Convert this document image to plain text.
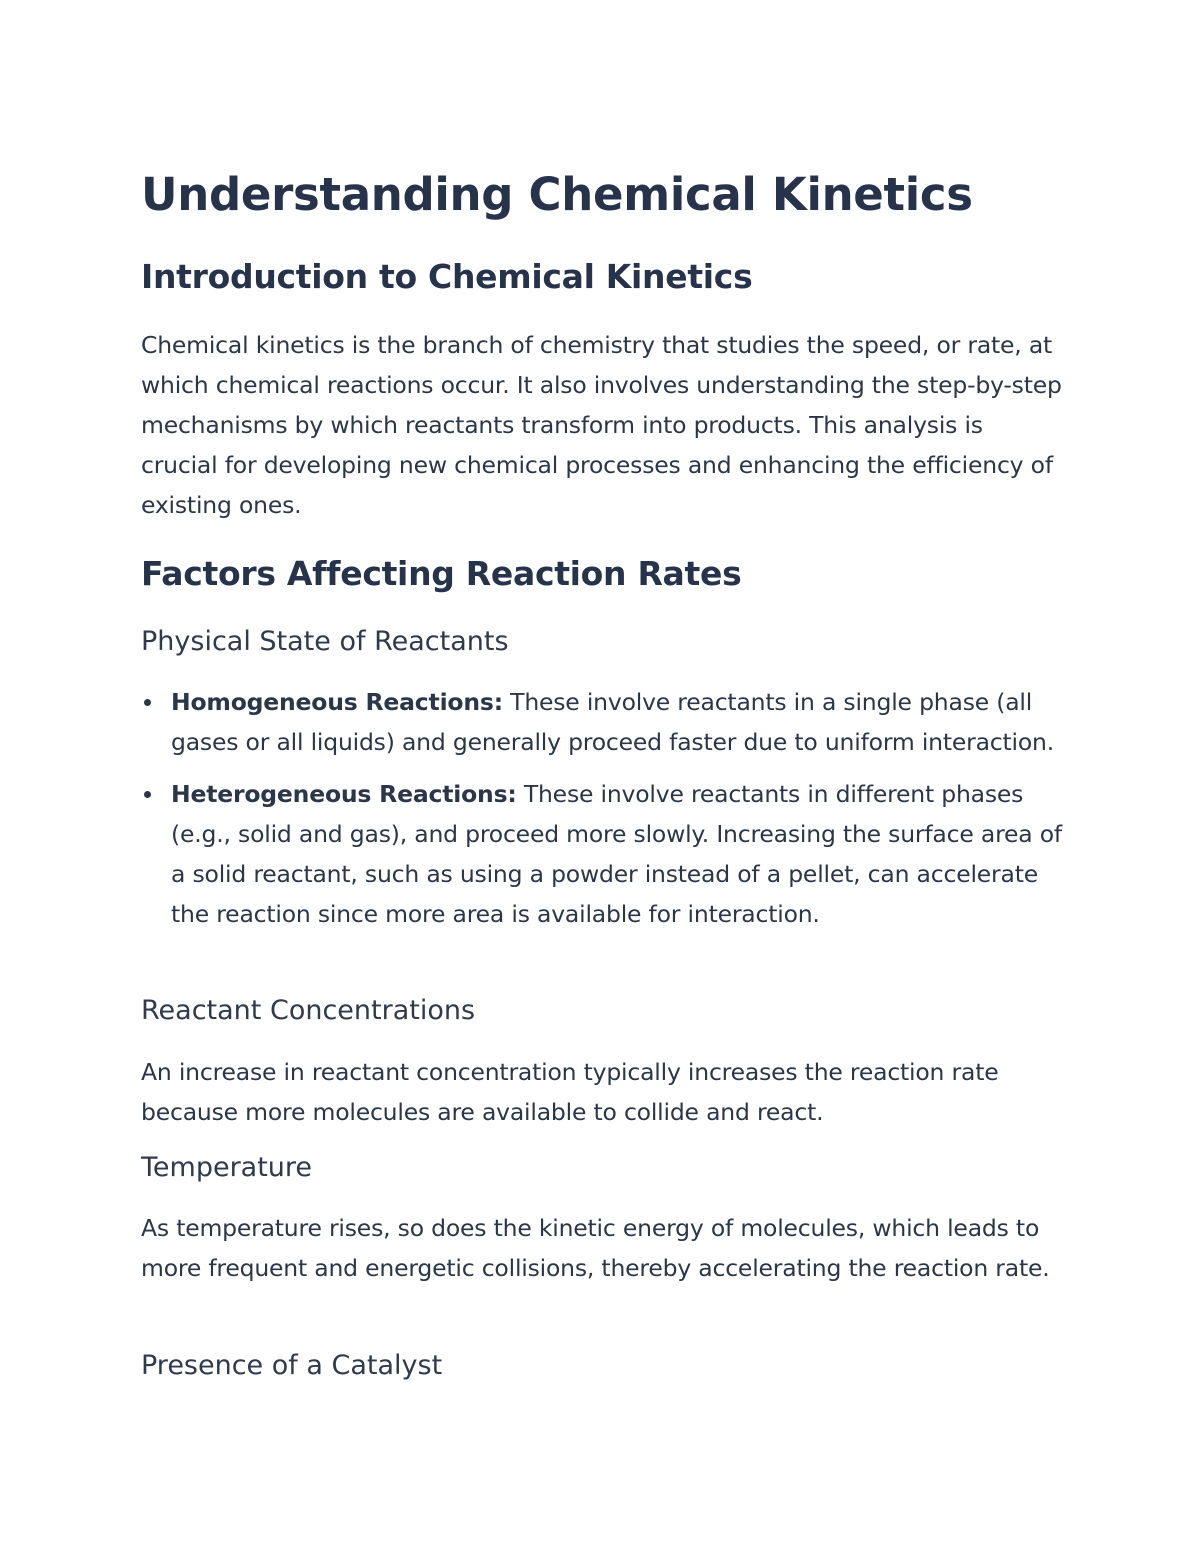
Understanding Chemical Kinetics
Introduction to Chemical Kinetics

Chemical kinetics is the branch of chemistry that studies the speed, or rate, at which chemical reactions occur. It also involves understanding the step-by-step mechanisms by which reactants transform into products. This analysis is crucial for developing new chemical processes and enhancing the efficiency of existing ones.

Factors Affecting Reaction Rates
Physical State of Reactants
Homogeneous Reactions: These involve reactants in a single phase (all gases or all liquids) and generally proceed faster due to uniform interaction.
Heterogeneous Reactions: These involve reactants in different phases (e.g., solid and gas), and proceed more slowly. Increasing the surface area of a solid reactant, such as using a powder instead of a pellet, can accelerate the reaction since more area is available for interaction.
Reactant Concentrations

An increase in reactant concentration typically increases the reaction rate because more molecules are available to collide and react.

Temperature

As temperature rises, so does the kinetic energy of molecules, which leads to more frequent and energetic collisions, thereby accelerating the reaction rate.

Presence of a Catalyst
